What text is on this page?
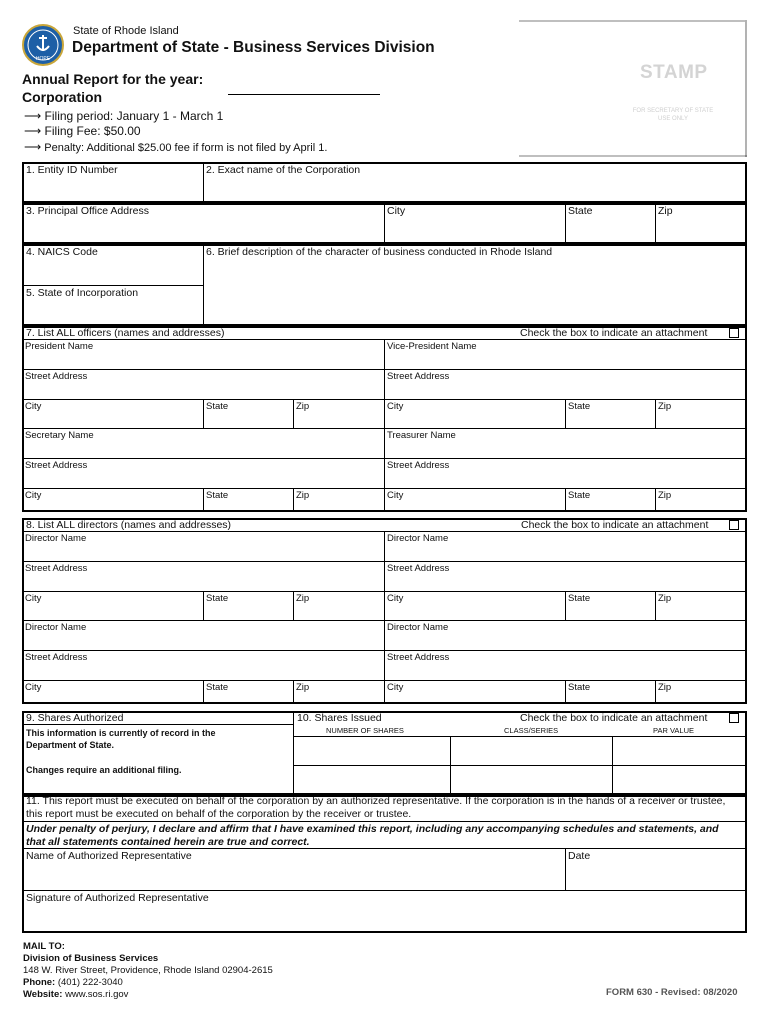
HOPE
State of Rhode Island
Department of State - Business Services Division
Annual Report for the year:
Corporation
⟶ Filing period: January 1 - March 1
⟶ Filing Fee: $50.00
⟶ Penalty: Additional $25.00 fee if form is not filed by April 1.
STAMP
FOR SECRETARY OF STATE USE ONLY
1. Entity ID Number	2. Exact name of the Corporation
3. Principal Office Address	City	State	Zip
4. NAICS Code	6. Brief description of the character of business conducted in Rhode Island
5. State of Incorporation
7. List ALL officers (names and addresses)	Check the box to indicate an attachment
President Name	Vice-President Name
Street Address	Street Address
City	State	Zip	City	State	Zip
Secretary Name	Treasurer Name
Street Address	Street Address
City	State	Zip	City	State	Zip
8. List ALL directors (names and addresses)	Check the box to indicate an attachment
Director Name	Director Name
Street Address	Street Address
City	State	Zip	City	State	Zip
Director Name	Director Name
Street Address	Street Address
City	State	Zip	City	State	Zip
9. Shares Authorized	10. Shares Issued	Check the box to indicate an attachment
NUMBER OF SHARES	CLASS/SERIES	PAR VALUE
This information is currently of record in the Department of State.
Changes require an additional filing.
11. This report must be executed on behalf of the corporation by an authorized representative. If the corporation is in the hands of a receiver or trustee, this report must be executed on behalf of the corporation by the receiver or trustee.
Under penalty of perjury, I declare and affirm that I have examined this report, including any accompanying schedules and statements, and that all statements contained herein are true and correct.
Name of Authorized Representative	Date
Signature of Authorized Representative
MAIL TO:
Division of Business Services
148 W. River Street, Providence, Rhode Island 02904-2615
Phone: (401) 222-3040
Website: www.sos.ri.gov	FORM 630 - Revised: 08/2020
